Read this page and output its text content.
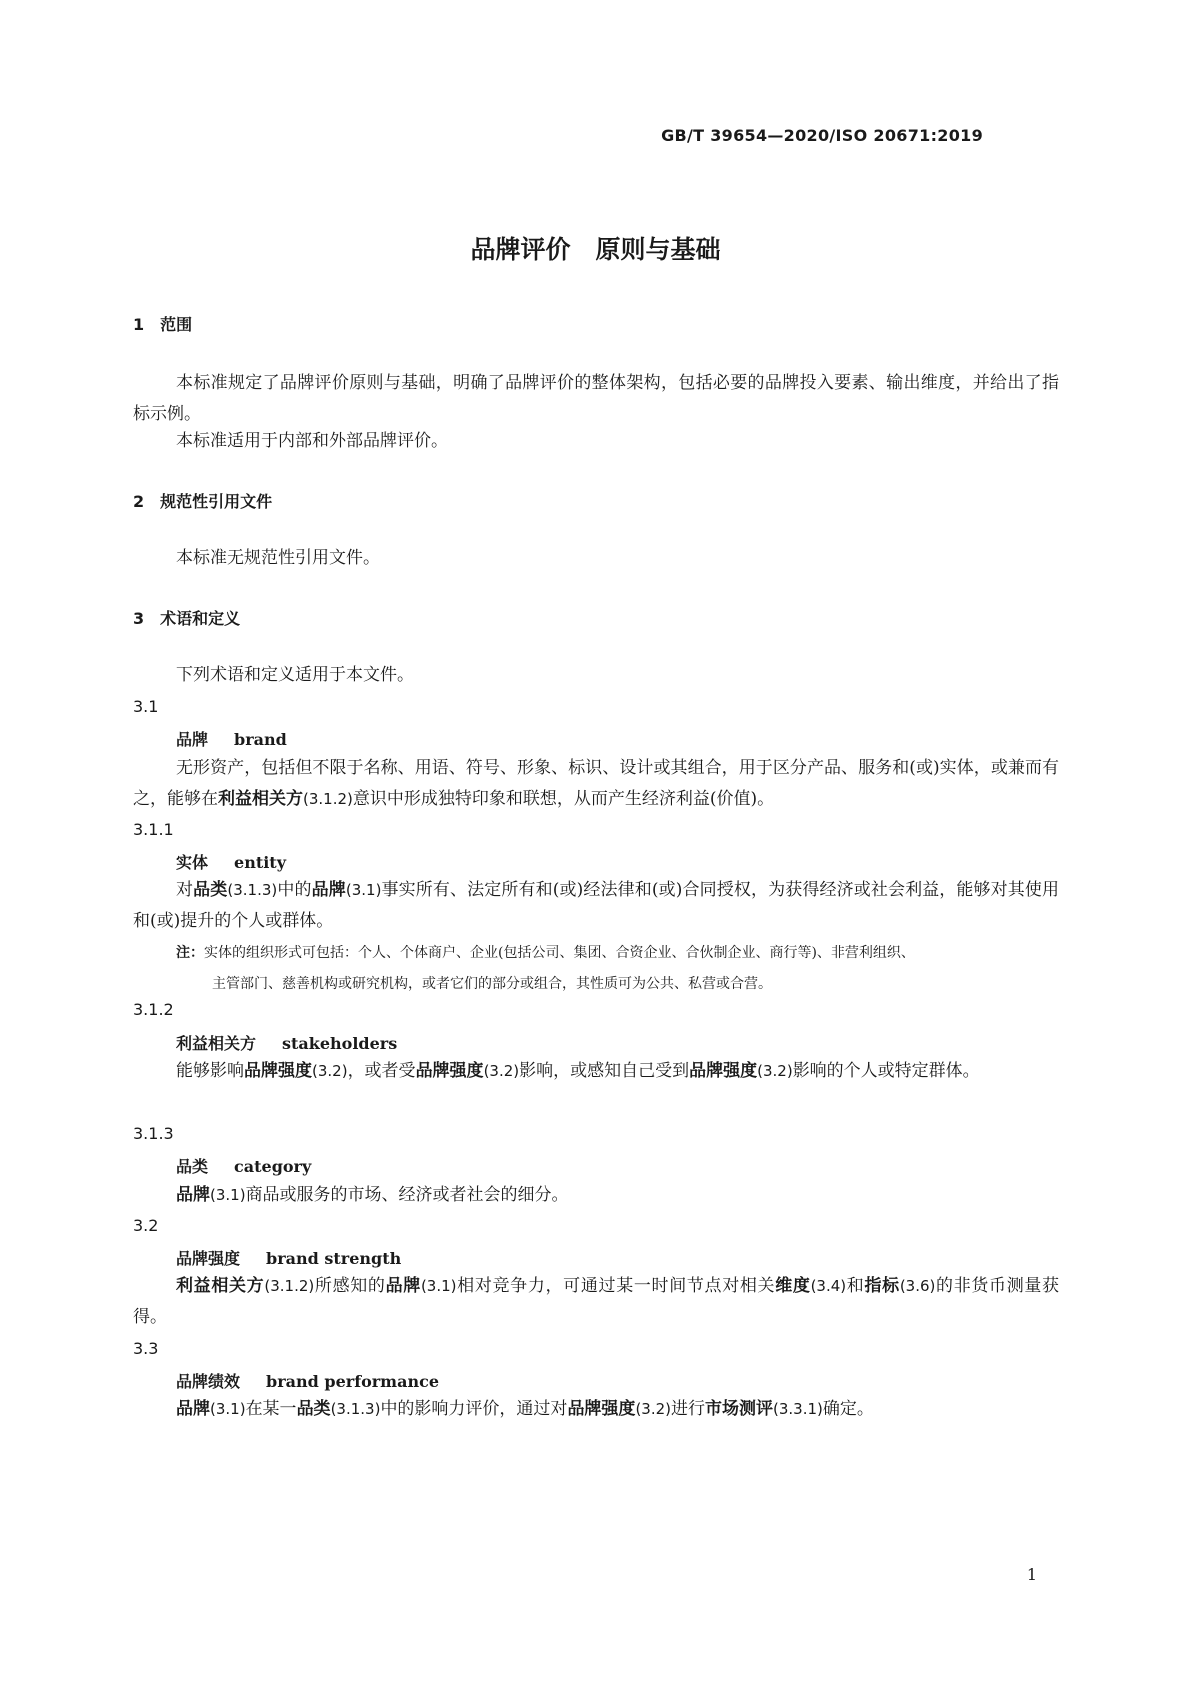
GB/T 39654—2020/ISO 20671:2019
品牌评价　原则与基础
1　 范围
本标准规定了品牌评价原则与基础，明确了品牌评价的整体架构，包括必要的品牌投入要素、输出维度，并给出了指标示例。
本标准适用于内部和外部品牌评价。
2　 规范性引用文件
本标准无规范性引用文件。
3　 术语和定义
下列术语和定义适用于本文件。
3.1
品牌 brand
无形资产，包括但不限于名称、用语、符号、形象、标识、设计或其组合，用于区分产品、服务和(或)实体，或兼而有之，能够在利益相关方(3.1.2)意识中形成独特印象和联想，从而产生经济利益(价值)。
3.1.1
实体 entity
对品类(3.1.3)中的品牌(3.1)事实所有、法定所有和(或)经法律和(或)合同授权，为获得经济或社会利益，能够对其使用和(或)提升的个人或群体。
注：实体的组织形式可包括：个人、个体商户、企业(包括公司、集团、合资企业、合伙制企业、商行等)、非营利组织、
主管部门、慈善机构或研究机构，或者它们的部分或组合，其性质可为公共、私营或合营。
3.1.2
利益相关方 stakeholders
能够影响品牌强度(3.2)，或者受品牌强度(3.2)影响，或感知自己受到品牌强度(3.2)影响的个人或特定群体。
3.1.3
品类 category
品牌(3.1)商品或服务的市场、经济或者社会的细分。
3.2
品牌强度 brand strength
利益相关方(3.1.2)所感知的品牌(3.1)相对竞争力，可通过某一时间节点对相关维度(3.4)和指标(3.6)的非货币测量获得。
3.3
品牌绩效 brand performance
品牌(3.1)在某一品类(3.1.3)中的影响力评价，通过对品牌强度(3.2)进行市场测评(3.3.1)确定。
1
